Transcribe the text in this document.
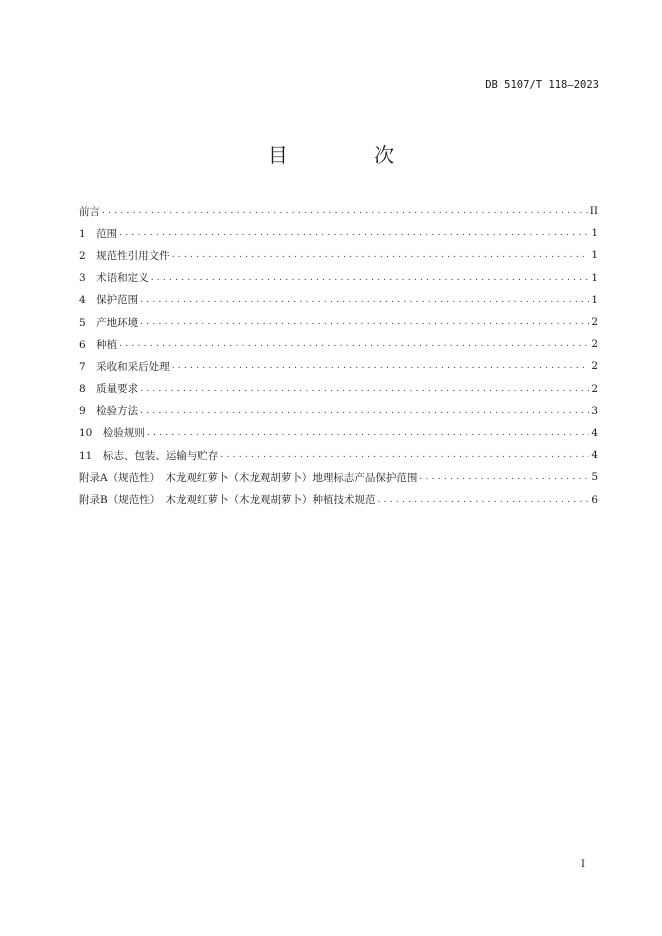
DB 5107/T 118—2023
目 次
前言 . . .	II
1　范围 . . .	1
2　规范性引用文件 . . .	1
3　术语和定义 . . .	1
4　保护范围 . . .	1
5　产地环境 . . .	2
6　种植 . . .	2
7　采收和采后处理 . . .	2
8　质量要求 . . .	2
9　检验方法 . . .	3
10　检验规则 . . .	4
11　标志、包装、运输与贮存 . . .	4
附录A（规范性）　木龙观红萝卜（木龙观胡萝卜）地理标志产品保护范围 . . .	5
附录B（规范性）　木龙观红萝卜（木龙观胡萝卜）种植技术规范 . . .	6
I
